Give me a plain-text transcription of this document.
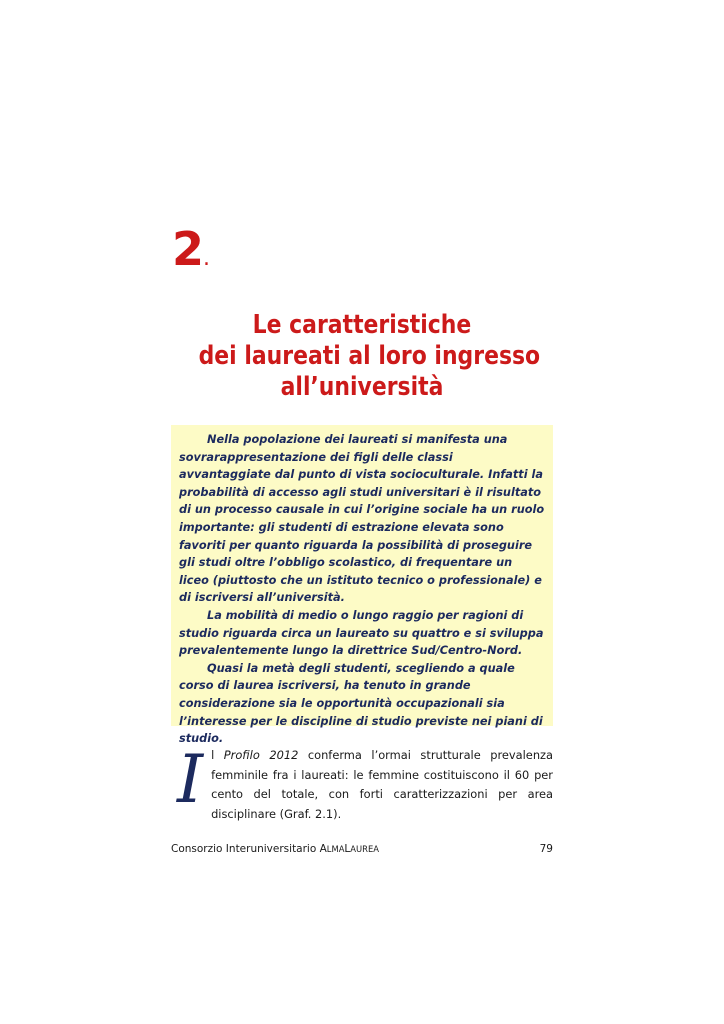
2.
Le caratteristiche
dei laureati al loro ingresso
all’università

Nella popolazione dei laureati si manifesta una sovrarappresentazione dei figli delle classi avvantaggiate dal punto di vista socioculturale. Infatti la probabilità di accesso agli studi universitari è il risultato di un processo causale in cui l’origine sociale ha un ruolo importante: gli studenti di estrazione elevata sono favoriti per quanto riguarda la possibilità di proseguire gli studi oltre l’obbligo scolastico, di frequentare un liceo (piuttosto che un istituto tecnico o professionale) e di iscriversi all’università.

La mobilità di medio o lungo raggio per ragioni di studio riguarda circa un laureato su quattro e si sviluppa prevalentemente lungo la direttrice Sud/Centro-Nord.

Quasi la metà degli studenti, scegliendo a quale corso di laurea iscriversi, ha tenuto in grande considerazione sia le opportunità occupazionali sia l’interesse per le discipline di studio previste nei piani di studio.

Il Profilo 2012 conferma l’ormai strutturale prevalenza femminile fra i laureati: le femmine costituiscono il 60 per cento del totale, con forti caratterizzazioni per area disciplinare (Graf. 2.1).
Consorzio Interuniversitario ALMALAUREA	79
